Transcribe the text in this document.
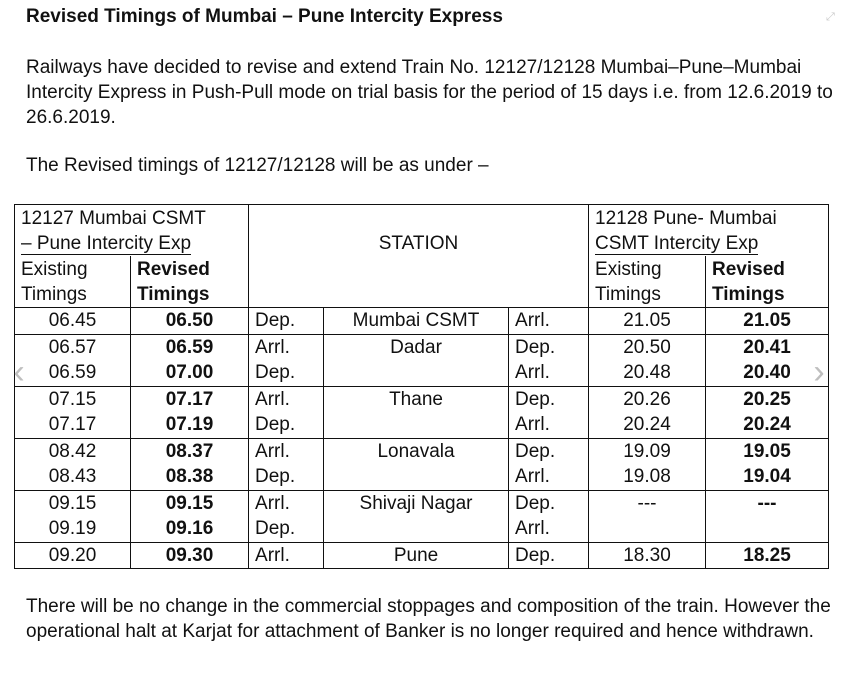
Revised Timings of Mumbai – Pune Intercity Express	⤢
Railways have decided to revise and extend Train No. 12127/12128 Mumbai–Pune–Mumbai Intercity Express in Push-Pull mode on trial basis for the period of 15 days i.e. from 12.6.2019 to 26.6.2019.
The Revised timings of 12127/12128 will be as under –
12127 Mumbai CSMT
– Pune Intercity Exp		STATION			12128 Pune- Mumbai
CSMT Intercity Exp	
Existing
Timings	Revised
Timings				Existing
Timings	Revised
Timings
06.45	06.50	Dep.	Mumbai CSMT	Arrl.	21.05	21.05
06.57	06.59	Arrl.	Dadar	Dep.	20.50	20.41
06.59	07.00	Dep.		Arrl.	20.48	20.40
07.15	07.17	Arrl.	Thane	Dep.	20.26	20.25
07.17	07.19	Dep.		Arrl.	20.24	20.24
08.42	08.37	Arrl.	Lonavala	Dep.	19.09	19.05
08.43	08.38	Dep.		Arrl.	19.08	19.04
09.15	09.15	Arrl.	Shivaji Nagar	Dep.	---	---
09.19	09.16	Dep.		Arrl.		
09.20	09.30	Arrl.	Pune	Dep.	18.30	18.25
‹	›
There will be no change in the commercial stoppages and composition of the train. However the operational halt at Karjat for attachment of Banker is no longer required and hence withdrawn.
